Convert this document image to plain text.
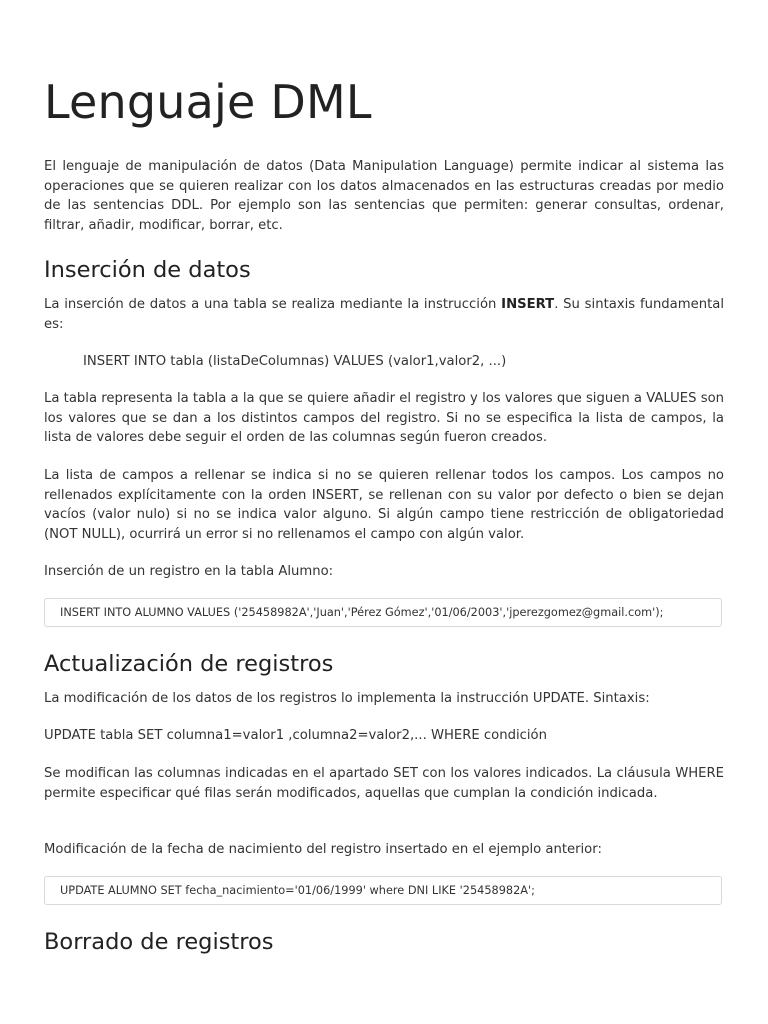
Lenguaje DML

El lenguaje de manipulación de datos (Data Manipulation Language) permite indicar al sistema las operaciones que se quieren realizar con los datos almacenados en las estructuras creadas por medio de las sentencias DDL. Por ejemplo son las sentencias que permiten: generar consultas, ordenar, filtrar, añadir, modificar, borrar, etc.

Inserción de datos

La inserción de datos a una tabla se realiza mediante la instrucción INSERT. Su sintaxis fundamental es:

INSERT INTO tabla (listaDeColumnas) VALUES (valor1,valor2, ...)

La tabla representa la tabla a la que se quiere añadir el registro y los valores que siguen a VALUES son los valores que se dan a los distintos campos del registro. Si no se especifica la lista de campos, la lista de valores debe seguir el orden de las columnas según fueron creados.

La lista de campos a rellenar se indica si no se quieren rellenar todos los campos. Los campos no rellenados explícitamente con la orden INSERT, se rellenan con su valor por defecto o bien se dejan vacíos (valor nulo) si no se indica valor alguno. Si algún campo tiene restricción de obligatoriedad (NOT NULL), ocurrirá un error si no rellenamos el campo con algún valor.

Inserción de un registro en la tabla Alumno:

INSERT INTO ALUMNO VALUES ('25458982A','Juan','Pérez Gómez','01/06/2003','jperezgomez@gmail.com');
Actualización de registros

La modificación de los datos de los registros lo implementa la instrucción UPDATE. Sintaxis:

UPDATE tabla SET columna1=valor1 ,columna2=valor2,... WHERE condición

Se modifican las columnas indicadas en el apartado SET con los valores indicados. La cláusula WHERE permite especificar qué filas serán modificados, aquellas que cumplan la condición indicada.

Modificación de la fecha de nacimiento del registro insertado en el ejemplo anterior:

UPDATE ALUMNO SET fecha_nacimiento='01/06/1999' where DNI LIKE '25458982A';
Borrado de registros
